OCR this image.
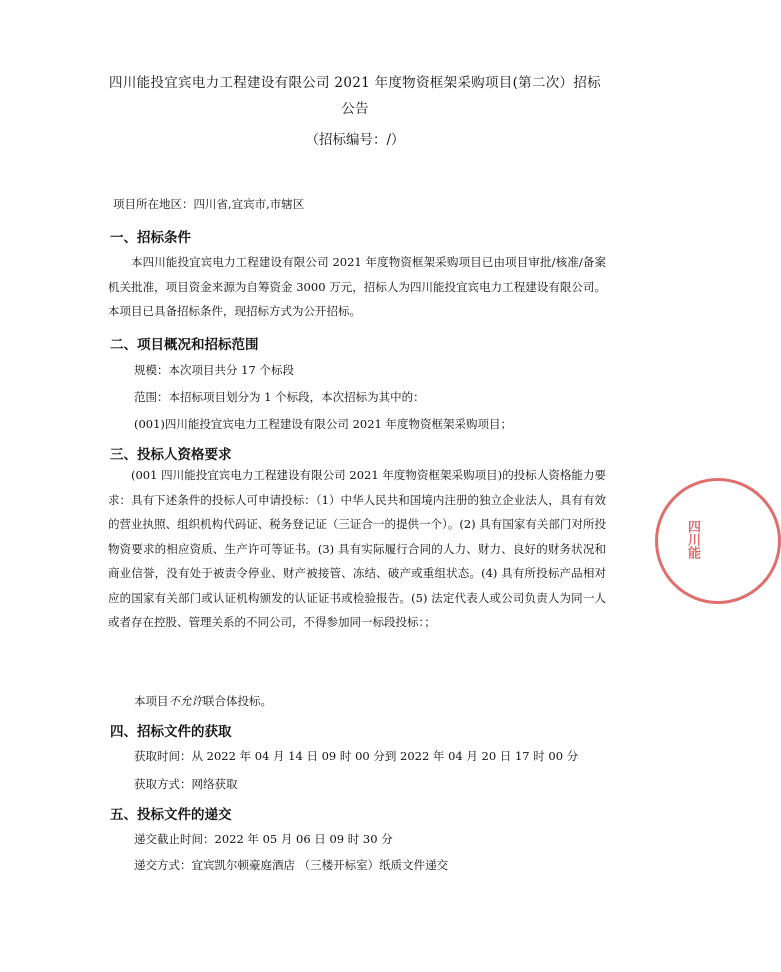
四川能投宜宾电力工程建设有限公司 2021 年度物资框架采购项目(第二次）招标
公告
（招标编号：/）
项目所在地区：四川省,宜宾市,市辖区
一、招标条件
本四川能投宜宾电力工程建设有限公司 2021 年度物资框架采购项目已由项目审批/核准/备案机关批准，项目资金来源为自筹资金 3000 万元，招标人为四川能投宜宾电力工程建设有限公司。本项目已具备招标条件，现招标方式为公开招标。
二、项目概况和招标范围
规模：本次项目共分 17 个标段
范围：本招标项目划分为 1 个标段，本次招标为其中的：
(001)四川能投宜宾电力工程建设有限公司 2021 年度物资框架采购项目；
三、投标人资格要求
(001 四川能投宜宾电力工程建设有限公司 2021 年度物资框架采购项目)的投标人资格能力要求：具有下述条件的投标人可申请投标：（1）中华人民共和国境内注册的独立企业法人，具有有效的营业执照、组织机构代码证、税务登记证（三证合一的提供一个）。(2) 具有国家有关部门对所投物资要求的相应资质、生产许可等证书。(3) 具有实际履行合同的人力、财力、良好的财务状况和商业信誉，没有处于被责令停业、财产被接管、冻结、破产或重组状态。(4) 具有所投标产品相对应的国家有关部门或认证机构颁发的认证证书或检验报告。(5) 法定代表人或公司负责人为同一人或者存在控股、管理关系的不同公司，不得参加同一标段投标：；
本项目不允许联合体投标。
四、招标文件的获取
获取时间：从 2022 年 04 月 14 日 09 时 00 分到 2022 年 04 月 20 日 17 时 00 分
获取方式：网络获取
五、投标文件的递交
递交截止时间：2022 年 05 月 06 日 09 时 30 分
递交方式：宜宾凯尔顿豪庭酒店 （三楼开标室）纸质文件递交
四川能
